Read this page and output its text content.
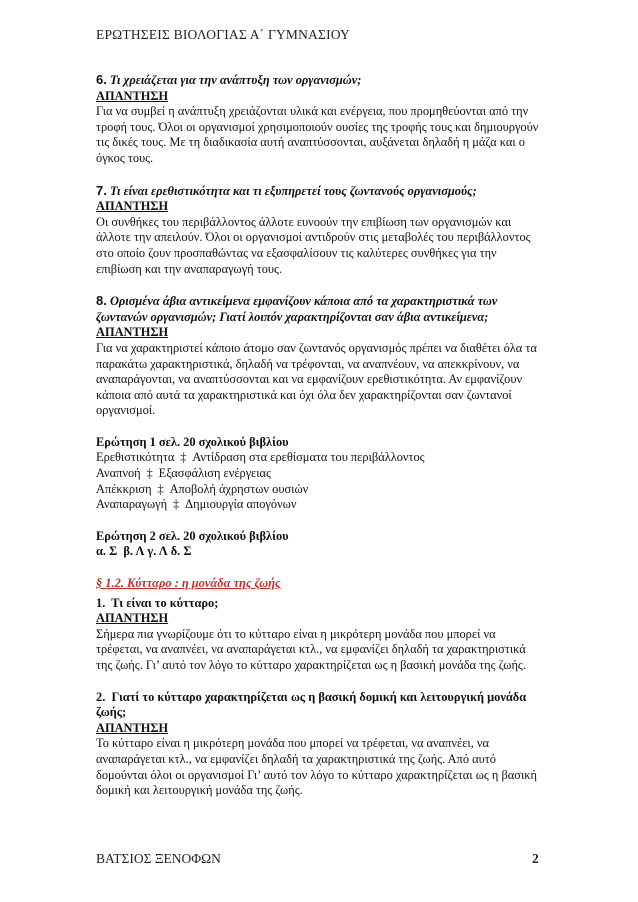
ΕΡΩΤΗΣΕΙΣ ΒΙΟΛΟΓΙΑΣ Α΄ ΓΥΜΝΑΣΙΟΥ
6. Τι χρειάζεται για την ανάπτυξη των οργανισμών;
ΑΠΑΝΤΗΣΗ

Για να συμβεί η ανάπτυξη χρειάζονται υλικά και ενέργεια, που προμηθεύονται από την τροφή τους. Όλοι οι οργανισμοί χρησιμοποιούν ουσίες της τροφής τους και δημιουργούν τις δικές τους. Με τη διαδικασία αυτή αναπτύσσονται, αυξάνεται δηλαδή η μάζα και ο όγκος τους.

7. Τι είναι ερεθιστικότητα και τι εξυπηρετεί τους ζωντανούς οργανισμούς;
ΑΠΑΝΤΗΣΗ

Οι συνθήκες του περιβάλλοντος άλλοτε ευνοούν την επιβίωση των οργανισμών και άλλοτε την απειλούν. Όλοι οι οργανισμοί αντιδρούν στις μεταβολές του περιβάλλοντος στο οποίο ζουν προσπαθώντας να εξασφαλίσουν τις καλύτερες συνθήκες για την επιβίωση και την αναπαραγωγή τους.

8. Ορισμένα άβια αντικείμενα εμφανίζουν κάποια από τα χαρακτηριστικά των ζωντανών οργανισμών; Γιατί λοιπόν χαρακτηρίζονται σαν άβια αντικείμενα;
ΑΠΑΝΤΗΣΗ

Για να χαρακτηριστεί κάποιο άτομο σαν ζωντανός οργανισμός πρέπει να διαθέτει όλα τα παρακάτω χαρακτηριστικά, δηλαδή να τρέφονται, να αναπνέουν, να απεκκρίνουν, να αναπαράγονται, να αναπτύσσονται και να εμφανίζουν ερεθιστικότητα. Αν εμφανίζουν κάποια από αυτά τα χαρακτηριστικά και όχι όλα δεν χαρακτηρίζονται σαν ζωντανοί οργανισμοί.

Ερώτηση 1 σελ. 20 σχολικού βιβλίου
Ερεθιστικότητα ‡ Αντίδραση στα ερεθίσματα του περιβάλλοντος
Αναπνοή ‡ Εξασφάλιση ενέργειας
Απέκκριση ‡ Αποβολή άχρηστων ουσιών
Αναπαραγωγή ‡ Δημιουργία απογόνων
Ερώτηση 2 σελ. 20 σχολικού βιβλίου
α. Σ  β. Λ γ. Λ δ. Σ
§ 1.2. Κύτταρο : η μονάδα της ζωής
1.  Τι είναι το κύτταρο;
ΑΠΑΝΤΗΣΗ

Σήμερα πια γνωρίζουμε ότι το κύτταρο είναι η μικρότερη μονάδα που μπορεί να τρέφεται, να αναπνέει, να αναπαράγεται κτλ., να εμφανίζει δηλαδή τα χαρακτηριστικά της ζωής. Γι’ αυτό τον λόγο το κύτταρο χαρακτηρίζεται ως η βασική μονάδα της ζωής.

2.  Γιατί το κύτταρο χαρακτηρίζεται ως η βασική δομική και λειτουργική μονάδα ζωής;
ΑΠΑΝΤΗΣΗ

Το κύτταρο είναι η μικρότερη μονάδα που μπορεί να τρέφεται, να αναπνέει, να αναπαράγεται κτλ., να εμφανίζει δηλαδή τα χαρακτηριστικά της ζωής. Από αυτό δομούνται όλοι οι οργανισμοί Γι’ αυτό τον λόγο το κύτταρο χαρακτηρίζεται ως η βασική δομική και λειτουργική μονάδα της ζωής.

ΒΑΤΣΙΟΣ ΞΕΝΟΦΩΝ	2
